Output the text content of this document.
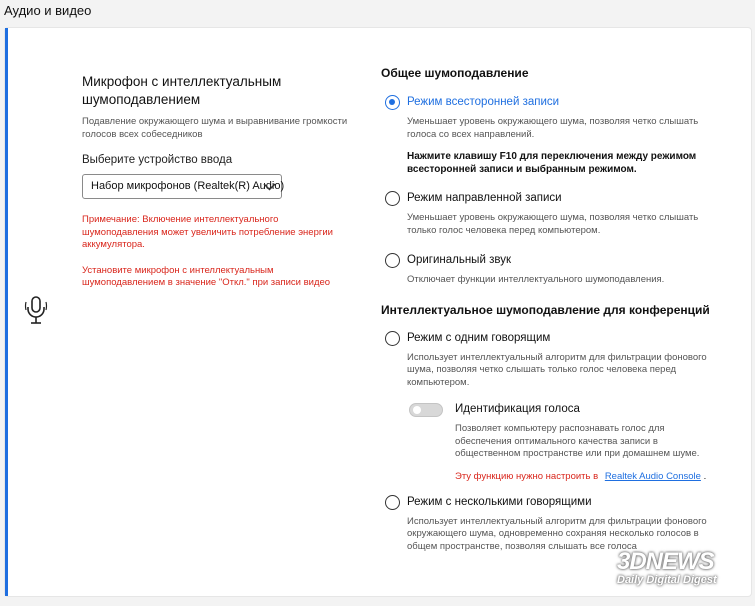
Аудио и видео
Микрофон с интеллектуальным шумоподавлением
Подавление окружающего шума и выравнивание громкости голосов всех собеседников
Выберите устройство ввода
Набор микрофонов (Realtek(R) Audio)
Примечание: Включение интеллектуального шумоподавления может увеличить потребление энергии аккумулятора.
Установите микрофон с интеллектуальным шумоподавлением в значение "Откл." при записи видео
Общее шумоподавление
Режим всесторонней записи
Уменьшает уровень окружающего шума, позволяя четко слышать голоса со всех направлений.
Нажмите клавишу F10 для переключения между режимом всесторонней записи и выбранным режимом.
Режим направленной записи
Уменьшает уровень окружающего шума, позволяя четко слышать только голос человека перед компьютером.
Оригинальный звук
Отключает функции интеллектуального шумоподавления.
Интеллектуальное шумоподавление для конференций
Режим с одним говорящим
Использует интеллектуальный алгоритм для фильтрации фонового шума, позволяя четко слышать только голос человека перед компьютером.
Идентификация голоса
Позволяет компьютеру распознавать голос для обеспечения оптимального качества записи в общественном пространстве или при домашнем шуме.
Эту функцию нужно настроить в Realtek Audio Console .
Режим с несколькими говорящими
Использует интеллектуальный алгоритм для фильтрации фонового окружающего шума, одновременно сохраняя несколько голосов в общем пространстве, позволяя слышать все голоса
3DNEWS
Daily Digital Digest
